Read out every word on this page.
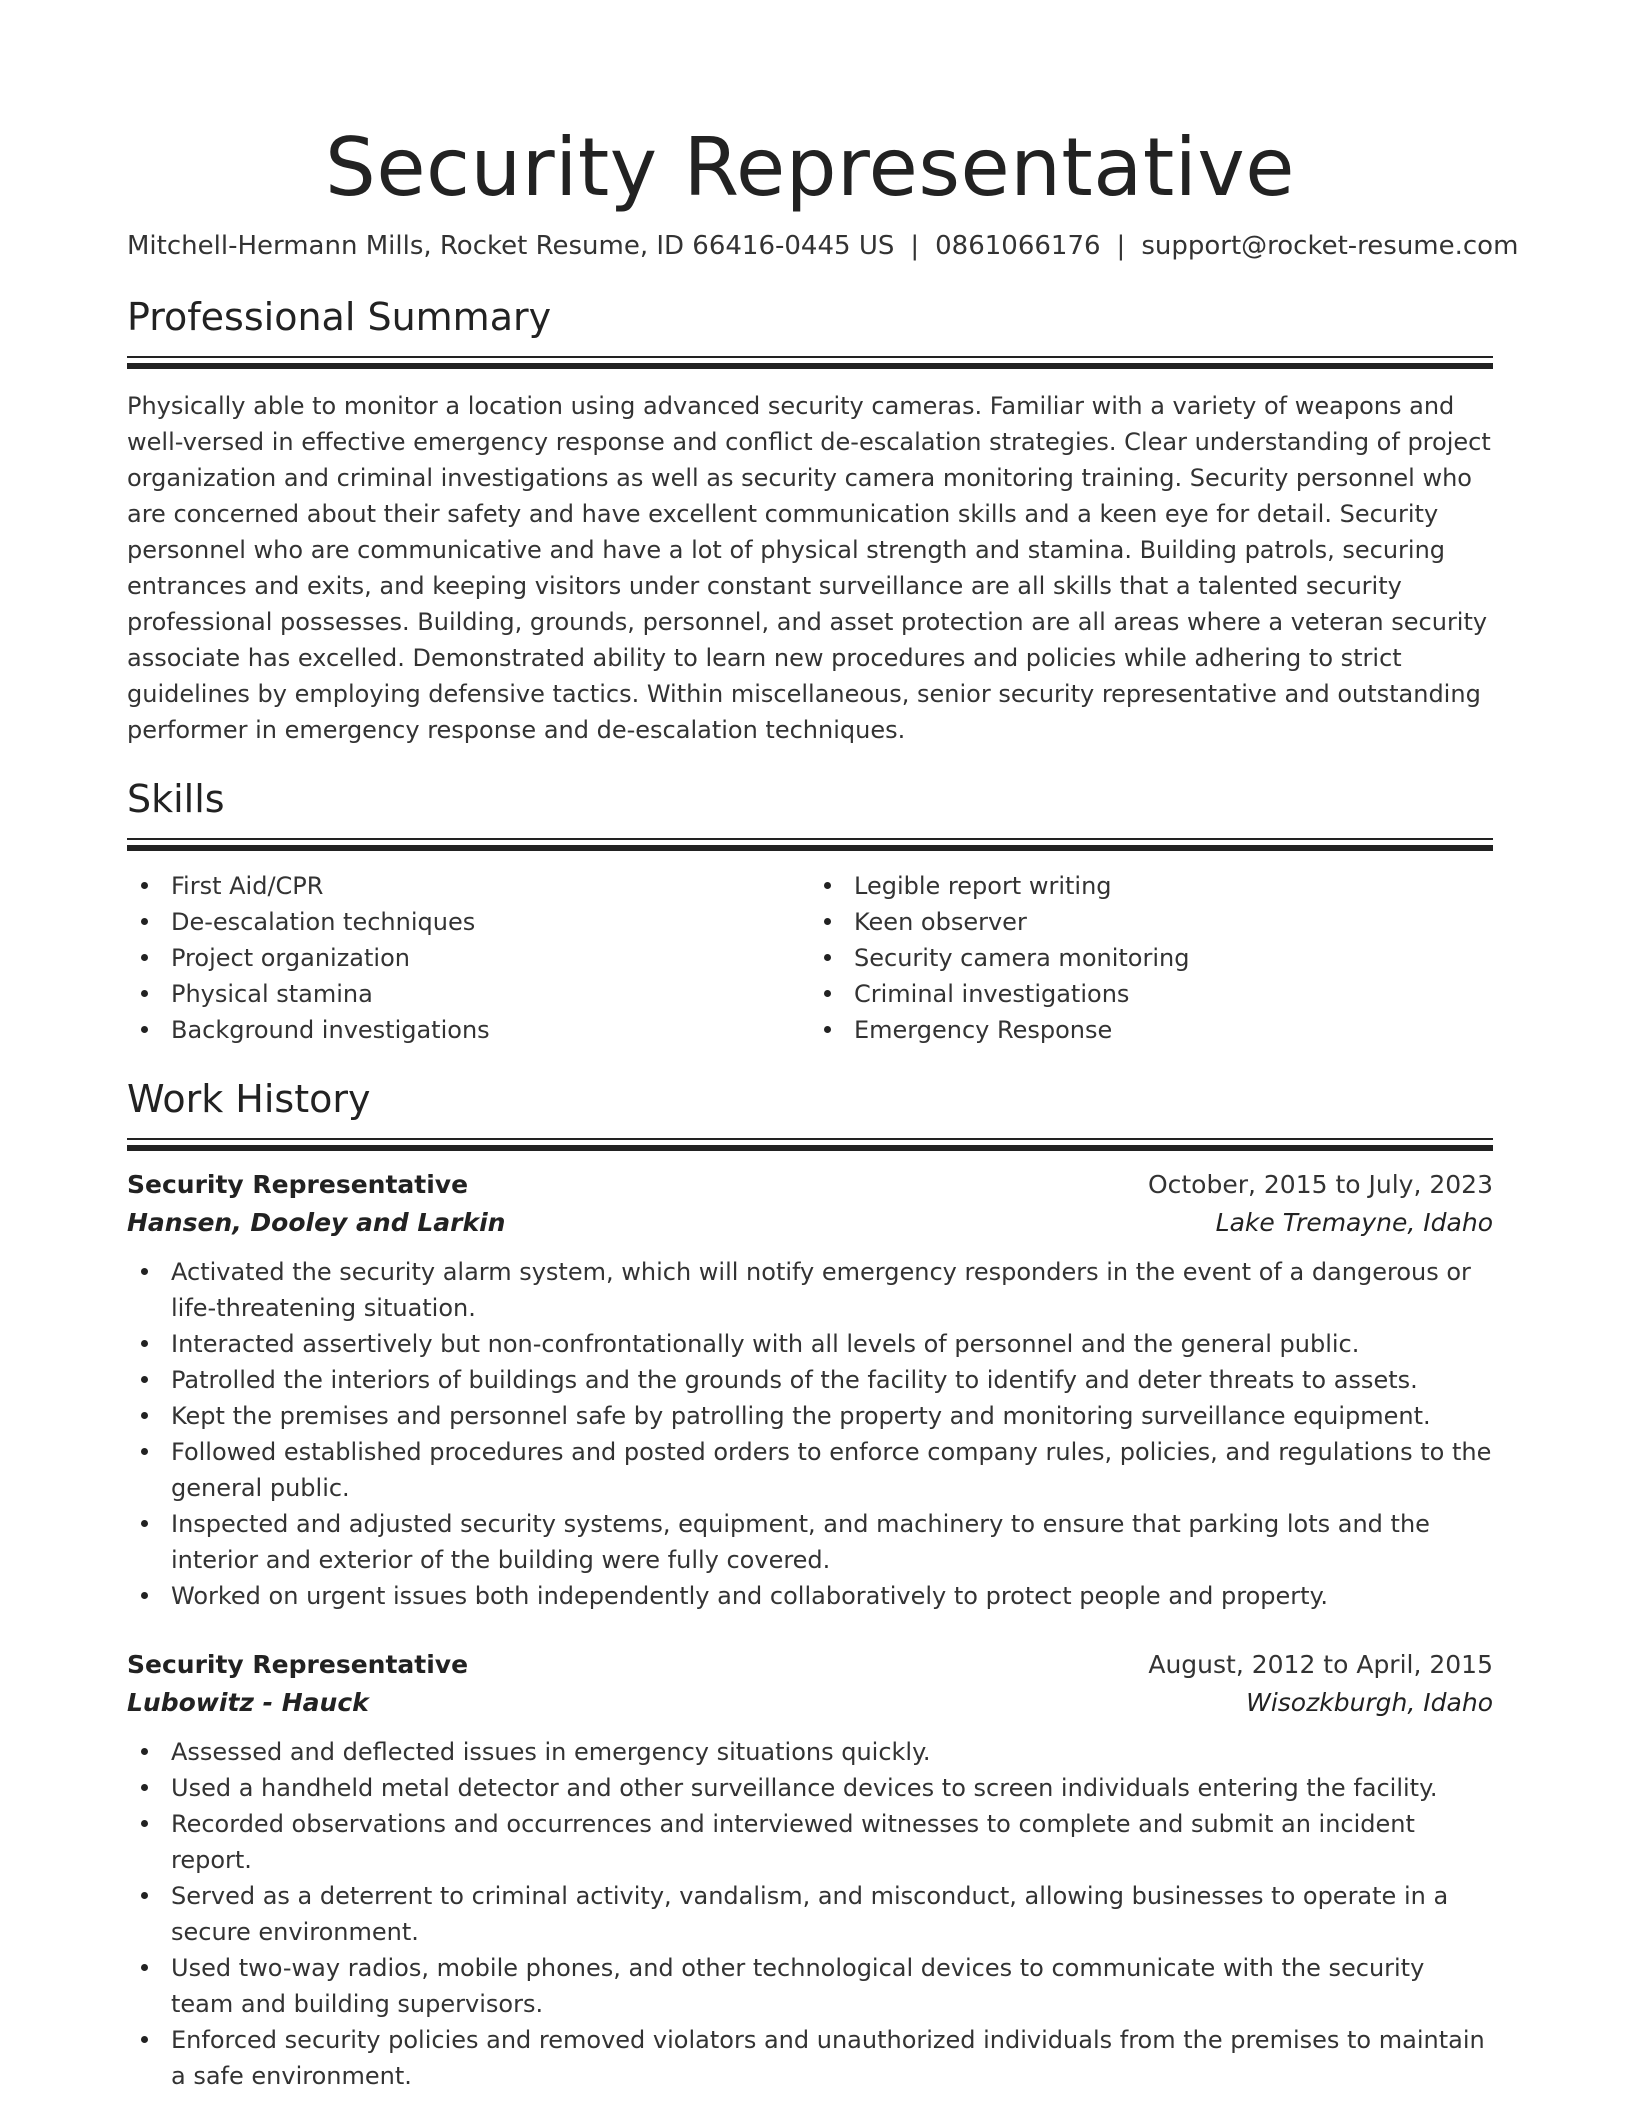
Security Representative
Mitchell-Hermann Mills, Rocket Resume, ID 66416-0445 US | 0861066176 | support@rocket-resume.com
Professional Summary
Physically able to monitor a location using advanced security cameras. Familiar with a variety of weapons and well-versed in effective emergency response and conflict de-escalation strategies. Clear understanding of project organization and criminal investigations as well as security camera monitoring training. Security personnel who are concerned about their safety and have excellent communication skills and a keen eye for detail. Security personnel who are communicative and have a lot of physical strength and stamina. Building patrols, securing entrances and exits, and keeping visitors under constant surveillance are all skills that a talented security professional possesses. Building, grounds, personnel, and asset protection are all areas where a veteran security associate has excelled. Demonstrated ability to learn new procedures and policies while adhering to strict guidelines by employing defensive tactics. Within miscellaneous, senior security representative and outstanding performer in emergency response and de-escalation techniques.
Skills
First Aid/CPR
De-escalation techniques
Project organization
Physical stamina
Background investigations
Legible report writing
Keen observer
Security camera monitoring
Criminal investigations
Emergency Response
Work History
Security Representative	October, 2015 to July, 2023
Hansen, Dooley and Larkin	Lake Tremayne, Idaho
Activated the security alarm system, which will notify emergency responders in the event of a dangerous or life-threatening situation.
Interacted assertively but non-confrontationally with all levels of personnel and the general public.
Patrolled the interiors of buildings and the grounds of the facility to identify and deter threats to assets.
Kept the premises and personnel safe by patrolling the property and monitoring surveillance equipment.
Followed established procedures and posted orders to enforce company rules, policies, and regulations to the general public.
Inspected and adjusted security systems, equipment, and machinery to ensure that parking lots and the interior and exterior of the building were fully covered.
Worked on urgent issues both independently and collaboratively to protect people and property.
Security Representative	August, 2012 to April, 2015
Lubowitz - Hauck	Wisozkburgh, Idaho
Assessed and deflected issues in emergency situations quickly.
Used a handheld metal detector and other surveillance devices to screen individuals entering the facility.
Recorded observations and occurrences and interviewed witnesses to complete and submit an incident report.
Served as a deterrent to criminal activity, vandalism, and misconduct, allowing businesses to operate in a secure environment.
Used two-way radios, mobile phones, and other technological devices to communicate with the security team and building supervisors.
Enforced security policies and removed violators and unauthorized individuals from the premises to maintain a safe environment.
